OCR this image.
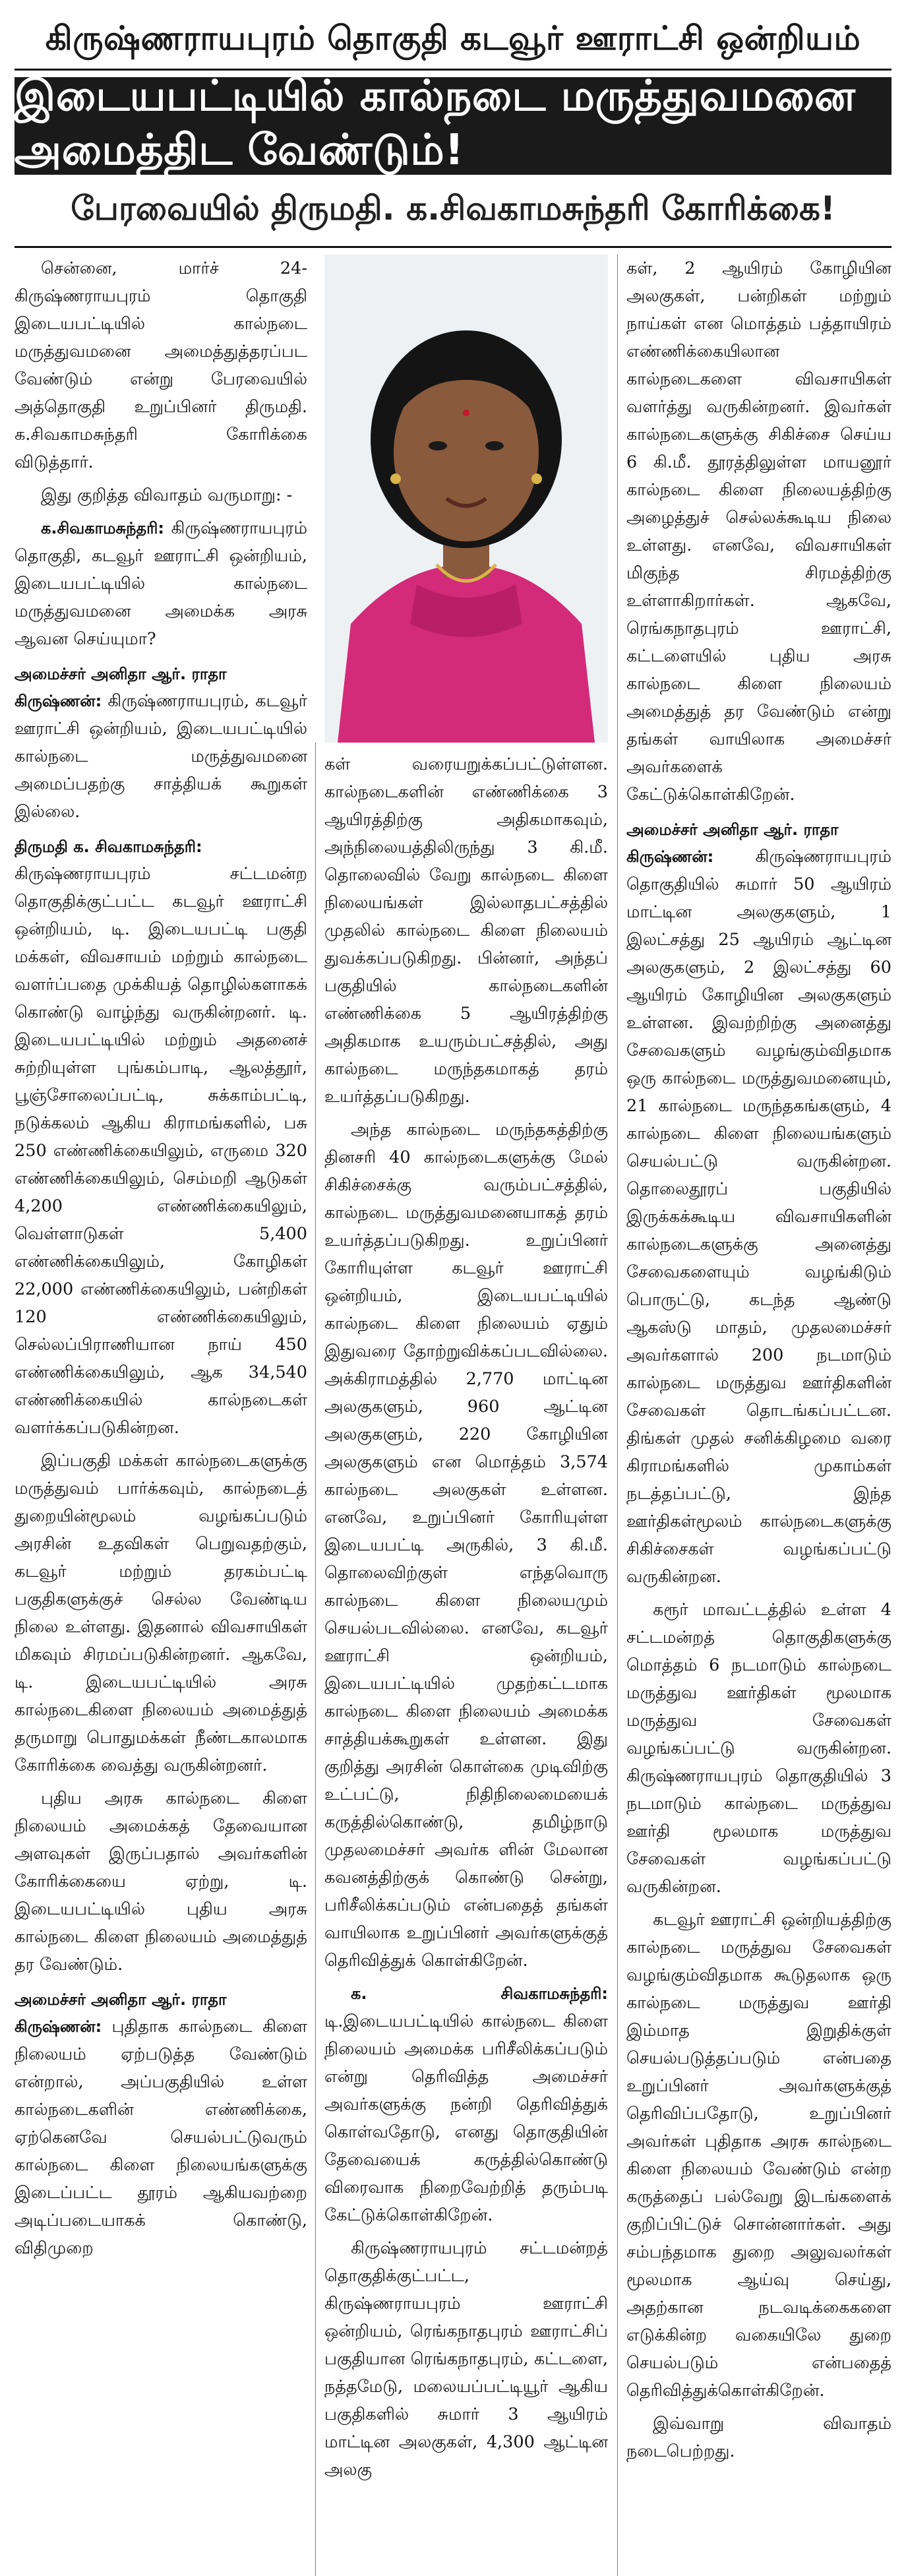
கிருஷ்ணராயபுரம் தொகுதி கடவூர் ஊராட்சி ஒன்றியம்
இடையபட்டியில் கால்நடை மருத்துவமனை அமைத்திட வேண்டும்!
பேரவையில் திருமதி. க.சிவகாமசுந்தரி கோரிக்கை!

சென்னை, மார்ச் 24- கிருஷ்ணராயபுரம் தொகுதி இடையபட்டியில் கால்நடை மருத்துவமனை அமைத்துத்தரப்பட வேண்டும் என்று பேரவையில் அத்தொகுதி உறுப்பினர் திருமதி. க.சிவகாமசுந்தரி கோரிக்கை விடுத்தார்.

இது குறித்த விவாதம் வருமாறு: -

க.சிவகாமசுந்தரி: கிருஷ்ணராயபுரம் தொகுதி, கடவூர் ஊராட்சி ஒன்றியம், இடையபட்டியில் கால்நடை மருத்துவமனை அமைக்க அரசு ஆவன செய்யுமா?

அமைச்சர் அனிதா ஆர். ராதா

கிருஷ்ணன்: கிருஷ்ணராயபுரம், கடவூர் ஊராட்சி ஒன்றியம், இடையபட்டியில் கால்நடை மருத்துவமனை அமைப்பதற்கு சாத்தியக் கூறுகள் இல்லை.

திருமதி க. சிவகாமசுந்தரி:

கிருஷ்ணராயபுரம் சட்டமன்ற தொகுதிக்குட்பட்ட கடவூர் ஊராட்சி ஒன்றியம், டி. இடையபட்டி பகுதி மக்கள், விவசாயம் மற்றும் கால்நடை வளர்ப்பதை முக்கியத் தொழில்களாகக் கொண்டு வாழ்ந்து வருகின்றனர். டி. இடையபட்டியில் மற்றும் அதனைச் சுற்றியுள்ள புங்கம்பாடி, ஆலத்தூர், பூஞ்சோலைப்பட்டி, சுக்காம்பட்டி, நடுக்கலம் ஆகிய கிராமங்களில், பசு 250 எண்ணிக்கையிலும், எருமை 320 எண்ணிக்கையிலும், செம்மறி ஆடுகள் 4,200 எண்ணிக்கையிலும், வெள்ளாடுகள் 5,400 எண்ணிக்கையிலும், கோழிகள் 22,000 எண்ணிக்கையிலும், பன்றிகள் 120 எண்ணிக்கையிலும், செல்லப்பிராணியான நாய் 450 எண்ணிக்கையிலும், ஆக 34,540 எண்ணிக்கையில் கால்நடைகள் வளர்க்கப்படுகின்றன.

இப்பகுதி மக்கள் கால்நடைகளுக்கு மருத்துவம் பார்க்கவும், கால்நடைத் துறையின்மூலம் வழங்கப்படும் அரசின் உதவிகள் பெறுவதற்கும், கடவூர் மற்றும் தரகம்பட்டி பகுதிகளுக்குச் செல்ல வேண்டிய நிலை உள்ளது. இதனால் விவசாயிகள் மிகவும் சிரமப்படுகின்றனர். ஆகவே, டி. இடையபட்டியில் அரசு கால்நடைகிளை நிலையம் அமைத்துத் தருமாறு பொதுமக்கள் நீண்டகாலமாக கோரிக்கை வைத்து வருகின்றனர்.

புதிய அரசு கால்நடை கிளை நிலையம் அமைக்கத் தேவையான அளவுகள் இருப்பதால் அவர்களின் கோரிக்கையை ஏற்று, டி. இடையபட்டியில் புதிய அரசு கால்நடை கிளை நிலையம் அமைத்துத் தர வேண்டும்.

அமைச்சர் அனிதா ஆர். ராதா

கிருஷ்ணன்: புதிதாக கால்நடை கிளை நிலையம் ஏற்படுத்த வேண்டும் என்றால், அப்பகுதியில் உள்ள கால்நடைகளின் எண்ணிக்கை, ஏற்கெனவே செயல்பட்டுவரும் கால்நடை கிளை நிலையங்களுக்கு இடைப்பட்ட தூரம் ஆகியவற்றை அடிப்படையாகக் கொண்டு, விதிமுறை

கள் வரையறுக்கப்பட்டுள்ளன. கால்நடைகளின் எண்ணிக்கை 3 ஆயிரத்திற்கு அதிகமாகவும், அந்நிலையத்திலிருந்து 3 கி.மீ. தொலைவில் வேறு கால்நடை கிளை நிலையங்கள் இல்லாதபட்சத்தில் முதலில் கால்நடை கிளை நிலையம் துவக்கப்படுகிறது. பின்னர், அந்தப் பகுதியில் கால்நடைகளின் எண்ணிக்கை 5 ஆயிரத்திற்கு அதிகமாக உயரும்பட்சத்தில், அது கால்நடை மருந்தகமாகத் தரம் உயர்த்தப்படுகிறது.

அந்த கால்நடை மருந்தகத்திற்கு தினசரி 40 கால்நடைகளுக்கு மேல் சிகிச்சைக்கு வரும்பட்சத்தில், கால்நடை மருத்துவமனையாகத் தரம் உயர்த்தப்படுகிறது. உறுப்பினர் கோரியுள்ள கடவூர் ஊராட்சி ஒன்றியம், இடையபட்டியில் கால்நடை கிளை நிலையம் ஏதும் இதுவரை தோற்றுவிக்கப்படவில்லை. அக்கிராமத்தில் 2,770 மாட்டின அலகுகளும், 960 ஆட்டின அலகுகளும், 220 கோழியின அலகுகளும் என மொத்தம் 3,574 கால்நடை அலகுகள் உள்ளன. எனவே, உறுப்பினர் கோரியுள்ள இடையபட்டி அருகில், 3 கி.மீ. தொலைவிற்குள் எந்தவொரு கால்நடை கிளை நிலையமும் செயல்படவில்லை. எனவே, கடவூர் ஊராட்சி ஒன்றியம், இடையபட்டியில் முதற்கட்டமாக கால்நடை கிளை நிலையம் அமைக்க சாத்தியக்கூறுகள் உள்ளன. இது குறித்து அரசின் கொள்கை முடிவிற்கு உட்பட்டு, நிதிநிலைமையைக் கருத்தில்கொண்டு, தமிழ்நாடு முதலமைச்சர் அவர்க ளின் மேலான கவனத்திற்குக் கொண்டு சென்று, பரிசீலிக்கப்படும் என்பதைத் தங்கள் வாயிலாக உறுப்பினர் அவர்களுக்குத் தெரிவித்துக் கொள்கிறேன்.

க. சிவகாமசுந்தரி: டி.இடையபட்டியில் கால்நடை கிளை நிலையம் அமைக்க பரிசீலிக்கப்படும் என்று தெரிவித்த அமைச்சர் அவர்களுக்கு நன்றி தெரிவித்துக் கொள்வதோடு, எனது தொகுதியின் தேவையைக் கருத்தில்கொண்டு விரைவாக நிறைவேற்றித் தரும்படி கேட்டுக்கொள்கிறேன்.

கிருஷ்ணராயபுரம் சட்டமன்றத் தொகுதிக்குட்பட்ட, கிருஷ்ணராயபுரம் ஊராட்சி ஒன்றியம், ரெங்கநாதபுரம் ஊராட்சிப் பகுதியான ரெங்கநாதபுரம், கட்டளை, நத்தமேடு, மலையப்பட்டியூர் ஆகிய பகுதிகளில் சுமார் 3 ஆயிரம் மாட்டின அலகுகள், 4,300 ஆட்டின அலகு

கள், 2 ஆயிரம் கோழியின அலகுகள், பன்றிகள் மற்றும் நாய்கள் என மொத்தம் பத்தாயிரம் எண்ணிக்கையிலான கால்நடைகளை விவசாயிகள் வளர்த்து வருகின்றனர். இவர்கள் கால்நடைகளுக்கு சிகிச்சை செய்ய 6 கி.மீ. தூரத்திலுள்ள மாயனூர் கால்நடை கிளை நிலையத்திற்கு அழைத்துச் செல்லக்கூடிய நிலை உள்ளது. எனவே, விவசாயிகள் மிகுந்த சிரமத்திற்கு உள்ளாகிறார்கள். ஆகவே, ரெங்கநாதபுரம் ஊராட்சி, கட்டளையில் புதிய அரசு கால்நடை கிளை நிலையம் அமைத்துத் தர வேண்டும் என்று தங்கள் வாயிலாக அமைச்சர் அவர்களைக் கேட்டுக்கொள்கிறேன்.

அமைச்சர் அனிதா ஆர். ராதா

கிருஷ்ணன்: கிருஷ்ணராயபுரம் தொகுதியில் சுமார் 50 ஆயிரம் மாட்டின அலகுகளும், 1 இலட்சத்து 25 ஆயிரம் ஆட்டின அலகுகளும், 2 இலட்சத்து 60 ஆயிரம் கோழியின அலகுகளும் உள்ளன. இவற்றிற்கு அனைத்து சேவைகளும் வழங்கும்விதமாக ஒரு கால்நடை மருத்துவமனையும், 21 கால்நடை மருந்தகங்களும், 4 கால்நடை கிளை நிலையங்களும் செயல்பட்டு வருகின்றன. தொலைதூரப் பகுதியில் இருக்கக்கூடிய விவசாயிகளின் கால்நடைகளுக்கு அனைத்து சேவைகளையும் வழங்கிடும் பொருட்டு, கடந்த ஆண்டு ஆகஸ்டு மாதம், முதலமைச்சர் அவர்களால் 200 நடமாடும் கால்நடை மருத்துவ ஊர்திகளின் சேவைகள் தொடங்கப்பட்டன. திங்கள் முதல் சனிக்கிழமை வரை கிராமங்களில் முகாம்கள் நடத்தப்பட்டு, இந்த ஊர்திகள்மூலம் கால்நடைகளுக்கு சிகிச்சைகள் வழங்கப்பட்டு வருகின்றன.

கரூர் மாவட்டத்தில் உள்ள 4 சட்டமன்றத் தொகுதிகளுக்கு மொத்தம் 6 நடமாடும் கால்நடை மருத்துவ ஊர்திகள் மூலமாக மருத்துவ சேவைகள் வழங்கப்பட்டு வருகின்றன. கிருஷ்ணராயபுரம் தொகுதியில் 3 நடமாடும் கால்நடை மருத்துவ ஊர்தி மூலமாக மருத்துவ சேவைகள் வழங்கப்பட்டு வருகின்றன.

கடவூர் ஊராட்சி ஒன்றியத்திற்கு கால்நடை மருத்துவ சேவைகள் வழங்கும்விதமாக கூடுதலாக ஒரு கால்நடை மருத்துவ ஊர்தி இம்மாத இறுதிக்குள் செயல்படுத்தப்படும் என்பதை உறுப்பினர் அவர்களுக்குத் தெரிவிப்பதோடு, உறுப்பினர் அவர்கள் புதிதாக அரசு கால்நடை கிளை நிலையம் வேண்டும் என்ற கருத்தைப் பல்வேறு இடங்களைக் குறிப்பிட்டுச் சொன்னார்கள். அது சம்பந்தமாக துறை அலுவலர்கள் மூலமாக ஆய்வு செய்து, அதற்கான நடவடிக்கைகளை எடுக்கின்ற வகையிலே துறை செயல்படும் என்பதைத் தெரிவித்துக்கொள்கிறேன்.

இவ்வாறு விவாதம் நடைபெற்றது.
